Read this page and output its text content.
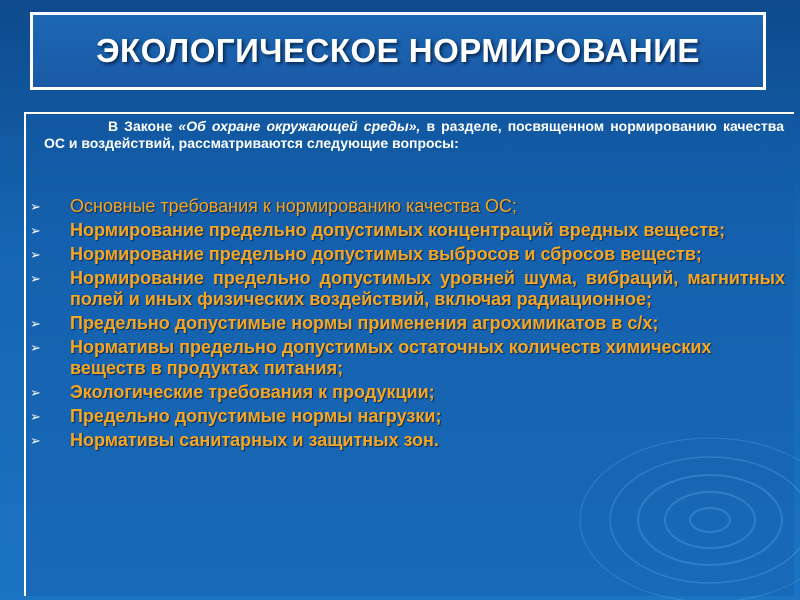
ЭКОЛОГИЧЕСКОЕ НОРМИРОВАНИЕ
В Законе «Об охране окружающей среды», в разделе, посвященном нормированию качества ОС и воздействий, рассматриваются следующие вопросы:
➢ Основные требования к нормированию качества ОС;
➢ Нормирование предельно допустимых концентраций вредных веществ;
➢ Нормирование предельно допустимых выбросов и сбросов веществ;
➢ Нормирование предельно допустимых уровней шума, вибраций, магнитных полей и иных физических воздействий, включая радиационное;
➢ Предельно допустимые нормы применения агрохимикатов в с/х;
➢ Нормативы предельно допустимых остаточных количеств химических
веществ в продуктах питания;
➢ Экологические требования к продукции;
➢ Предельно допустимые нормы нагрузки;
➢ Нормативы санитарных и защитных зон.
